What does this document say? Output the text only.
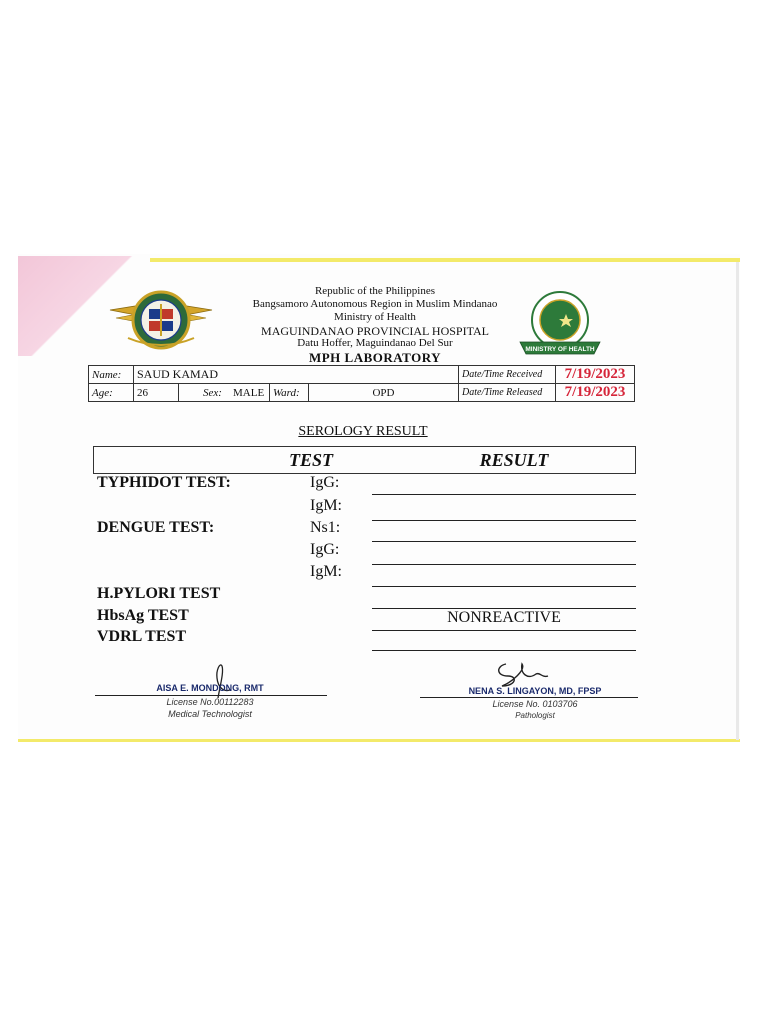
MINISTRY OF HEALTH
Republic of the Philippines
Bangsamoro Autonomous Region in Muslim Mindanao
Ministry of Health
MAGUINDANAO PROVINCIAL HOSPITAL
Datu Hoffer, Maguindanao Del Sur
MPH LABORATORY
Name:	SAUD KAMAD				Date/Time Received	7/19/2023
Age:	26	Sex: MALE	Ward:	OPD	Date/Time Released	7/19/2023
SEROLOGY RESULT
TEST	RESULT
TYPHIDOT TEST:	IgG:
IgM:
DENGUE TEST:	Ns1:
IgG:
IgM:
H.PYLORI TEST
HbsAg TEST	NONREACTIVE
VDRL TEST
AISA E. MONDONG, RMT
License No.00112283
Medical Technologist
NENA S. LINGAYON, MD, FPSP
License No. 0103706
Pathologist
